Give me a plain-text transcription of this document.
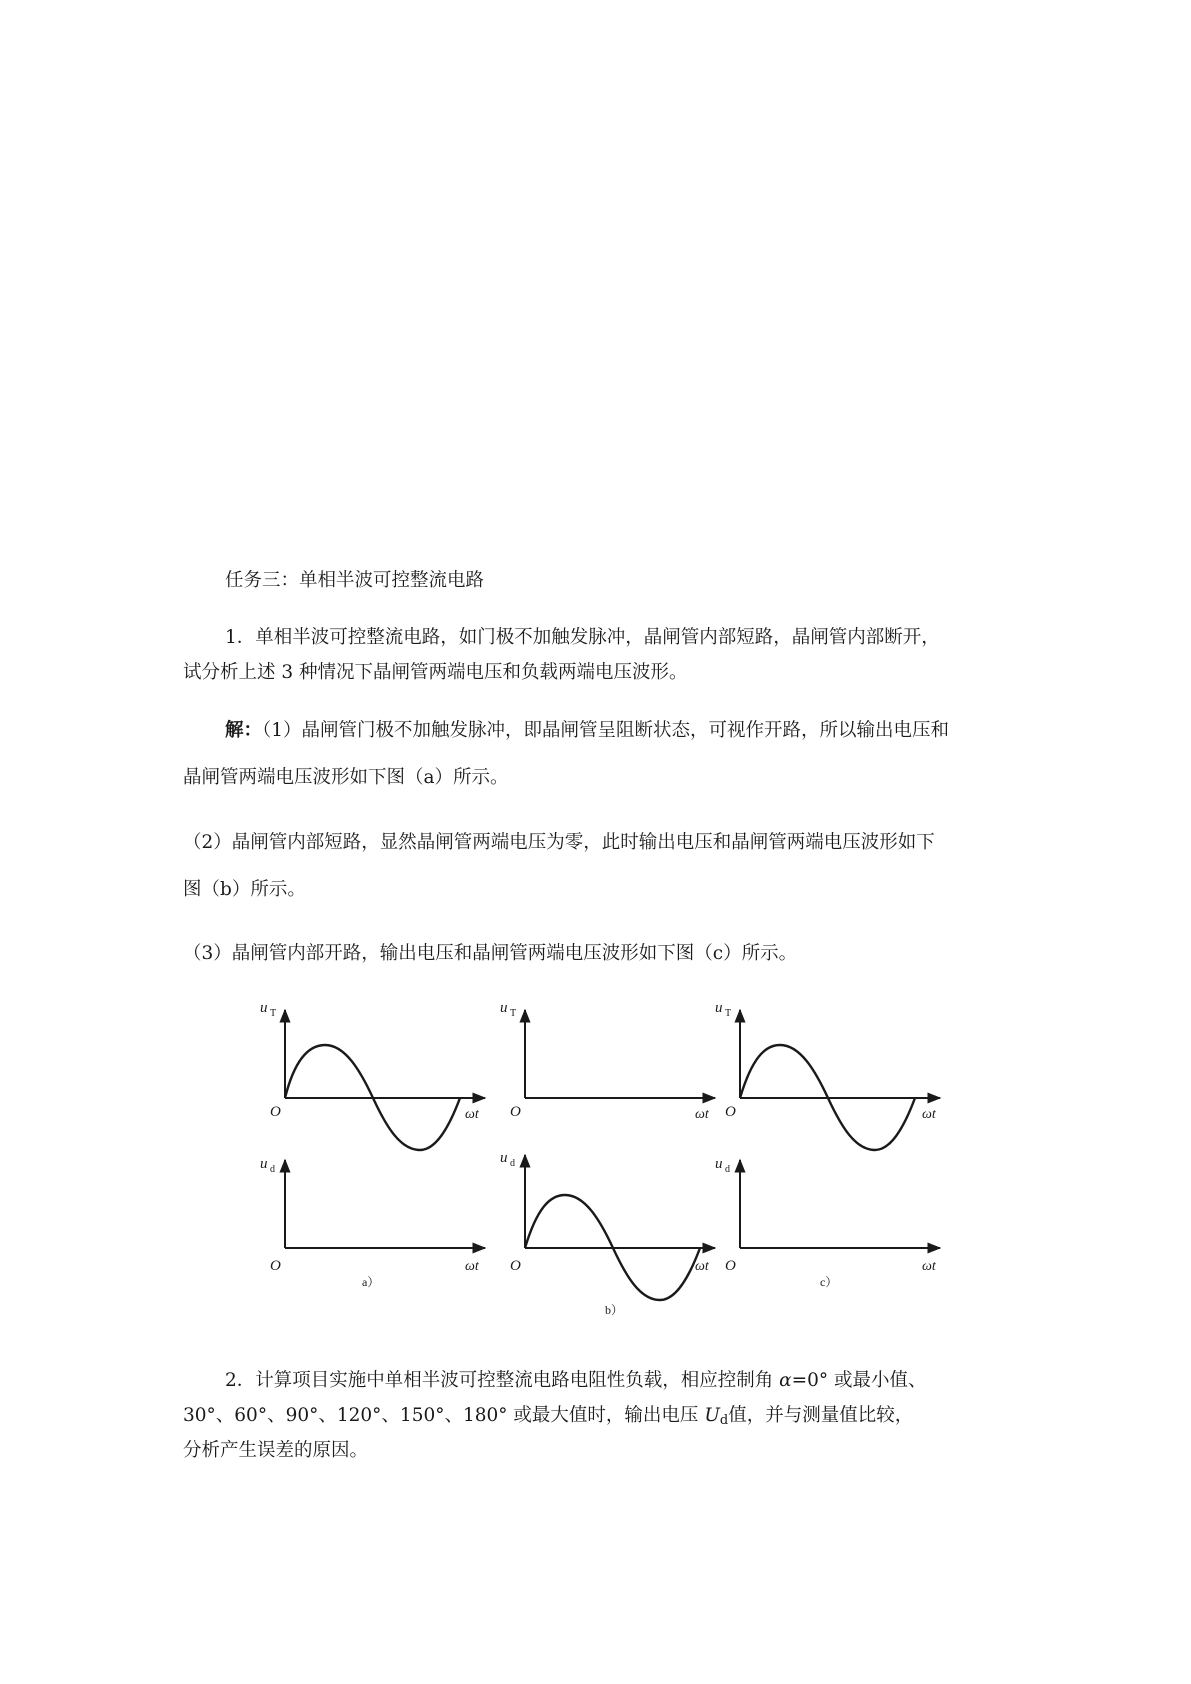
任务三：单相半波可控整流电路
1．单相半波可控整流电路，如门极不加触发脉冲，晶闸管内部短路，晶闸管内部断开，
试分析上述 3 种情况下晶闸管两端电压和负载两端电压波形。
解：（1）晶闸管门极不加触发脉冲，即晶闸管呈阻断状态，可视作开路，所以输出电压和
晶闸管两端电压波形如下图（a）所示。
（2）晶闸管内部短路，显然晶闸管两端电压为零，此时输出电压和晶闸管两端电压波形如下
图（b）所示。
（3）晶闸管内部开路，输出电压和晶闸管两端电压波形如下图（c）所示。
u T
O	ωt
u d
O	ωt
a）
u T
O	ωt
u d
O	ωt
b）
u T
O	ωt
u d
O	ωt
c）
2．计算项目实施中单相半波可控整流电路电阻性负载，相应控制角 α=0° 或最小值、
30°、60°、90°、120°、150°、180° 或最大值时，输出电压 $U_d$值，并与测量值比较，
分析产生误差的原因。
